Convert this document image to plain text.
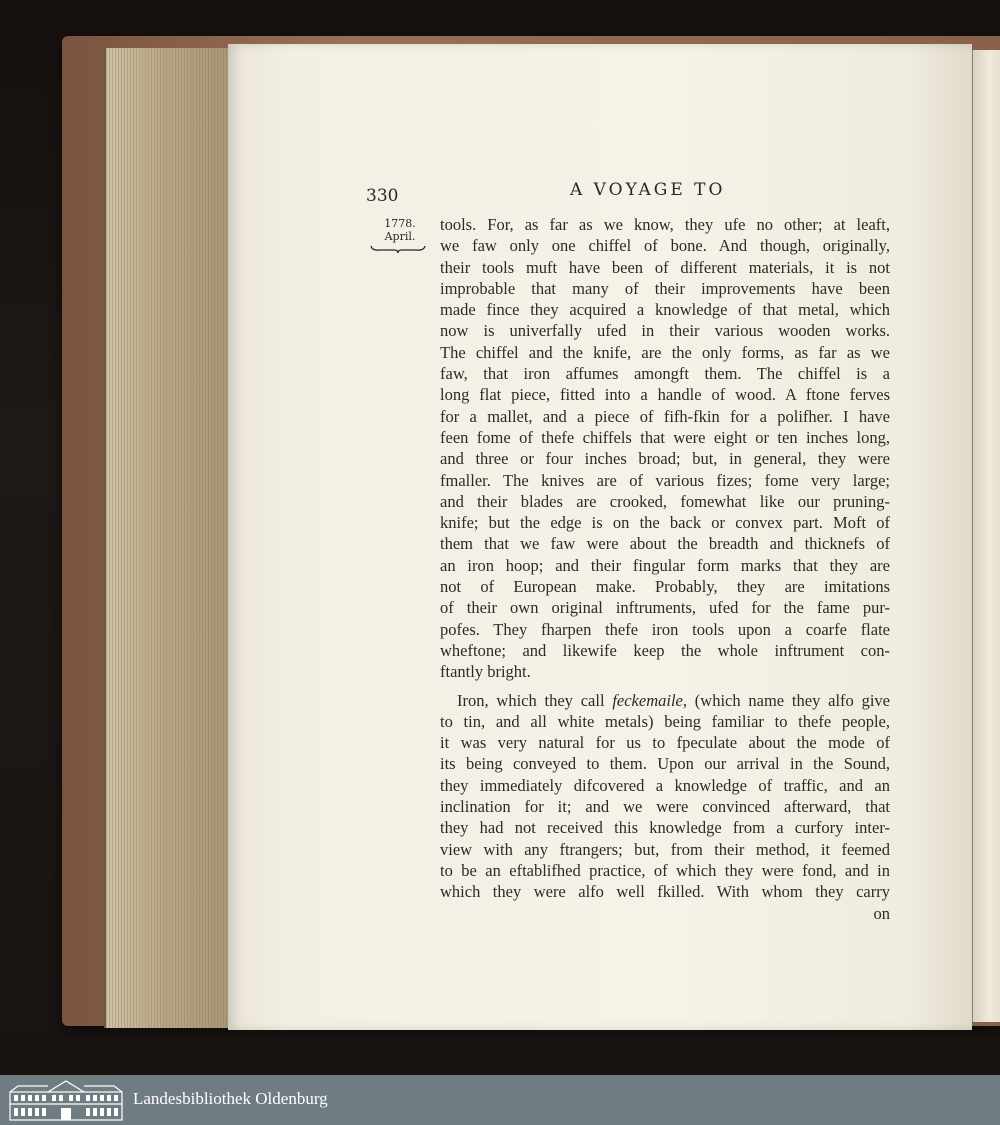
330	A VOYAGE TO
1778.
April.
tools. For, as far as we know, they ufe no other; at leaft,
we faw only one chiffel of bone. And though, originally,
their tools muft have been of different materials, it is not
improbable that many of their improvements have been
made fince they acquired a knowledge of that metal, which
now is univerfally ufed in their various wooden works.
The chiffel and the knife, are the only forms, as far as we
faw, that iron affumes amongft them. The chiffel is a
long flat piece, fitted into a handle of wood. A ftone ferves
for a mallet, and a piece of fifh-fkin for a polifher. I have
feen fome of thefe chiffels that were eight or ten inches long,
and three or four inches broad; but, in general, they were
fmaller. The knives are of various fizes; fome very large;
and their blades are crooked, fomewhat like our pruning-
knife; but the edge is on the back or convex part. Moft of
them that we faw were about the breadth and thicknefs of
an iron hoop; and their fingular form marks that they are
not of European make. Probably, they are imitations
of their own original inftruments, ufed for the fame pur-
pofes. They fharpen thefe iron tools upon a coarfe flate
wheftone; and likewife keep the whole inftrument con-
ftantly bright.
Iron, which they call feckemaile, (which name they alfo give
to tin, and all white metals) being familiar to thefe people,
it was very natural for us to fpeculate about the mode of
its being conveyed to them. Upon our arrival in the Sound,
they immediately difcovered a knowledge of traffic, and an
inclination for it; and we were convinced afterward, that
they had not received this knowledge from a curfory inter-
view with any ftrangers; but, from their method, it feemed
to be an eftablifhed practice, of which they were fond, and in
which they were alfo well fkilled. With whom they carry
on
Landesbibliothek Oldenburg
